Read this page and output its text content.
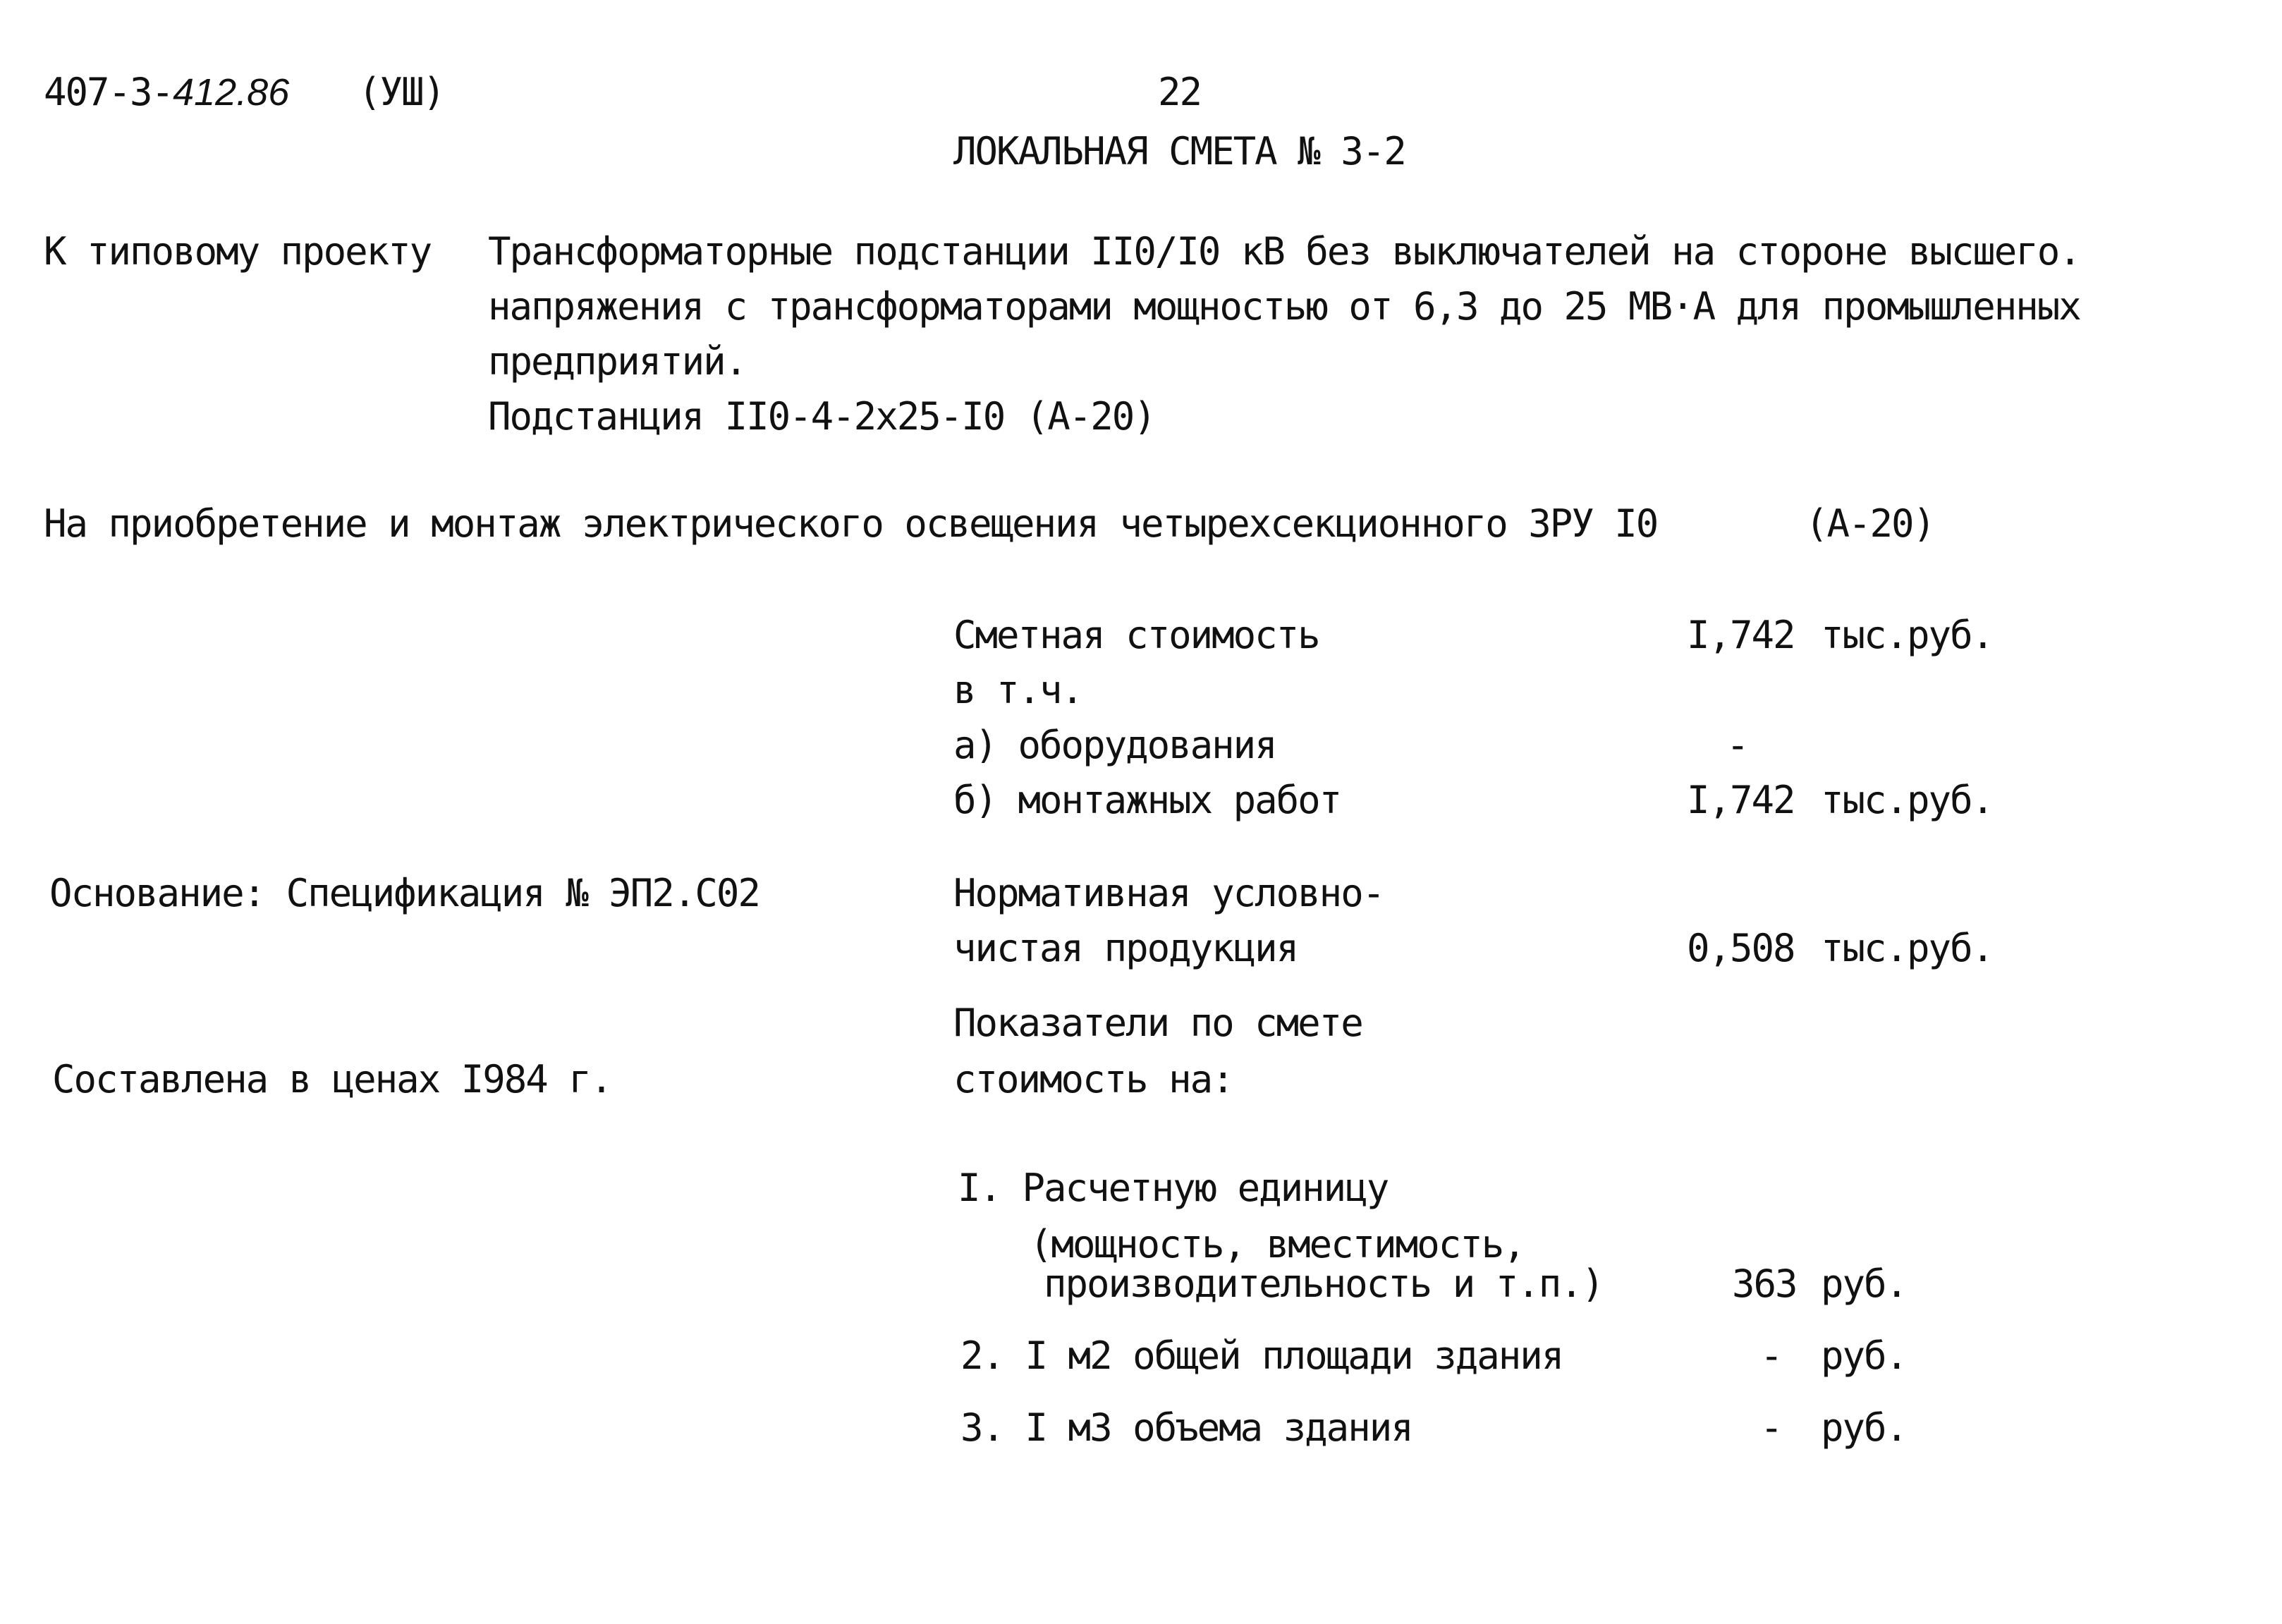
407-3-412.86 (УШ)	22
ЛОКАЛЬНАЯ СМЕТА № 3-2
К типовому проекту Трансформаторные подстанции II0/I0 кВ без выключателей на стороне высшего.
напряжения с трансформаторами мощностью от 6,3 до 25 МВ·А для промышленных
предприятий.
Подстанция II0-4-2x25-I0 (А-20)
На приобретение и монтаж электрического освещения четырехсекционного ЗРУ I0	(А-20)
Сметная стоимость	I,742 тыс.руб.
в т.ч.
а) оборудования	-
б) монтажных работ	I,742 тыс.руб.
Основание: Спецификация № ЭП2.С02	Нормативная условно-
чистая продукция	0,508 тыс.руб.
Показатели по смете
стоимость на:
Составлена в ценах I984 г.
I. Расчетную единицу
(мощность, вместимость,
производительность и т.п.)	363 руб.
2. I м2 общей площади здания	- руб.
3. I м3 объема здания	- руб.
